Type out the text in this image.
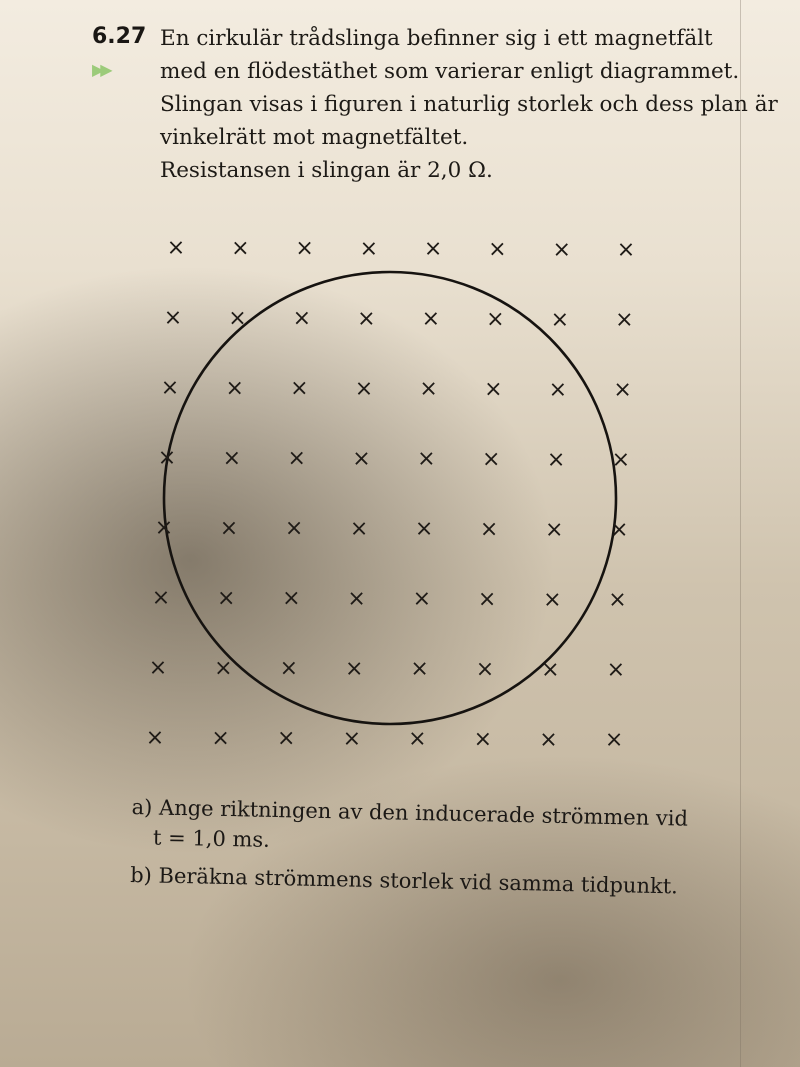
6.27
▶▶
En cirkulär trådslinga befinner sig i ett magnetfält
med en flödestäthet som varierar enligt diagrammet.
Slingan visas i figuren i naturlig storlek och dess plan är
vinkelrätt mot magnetfältet.
Resistansen i slingan är 2,0 Ω.
× × × × × × × ×
× × × × × × × ×
× × × × × × × ×
× × × × × × × ×
× × × × × × × ×
× × × × × × × ×
× × × × × × × ×
× × × × × × × ×
a) Ange riktningen av den inducerade strömmen vid
t = 1,0 ms.
b) Beräkna strömmens storlek vid samma tidpunkt.
